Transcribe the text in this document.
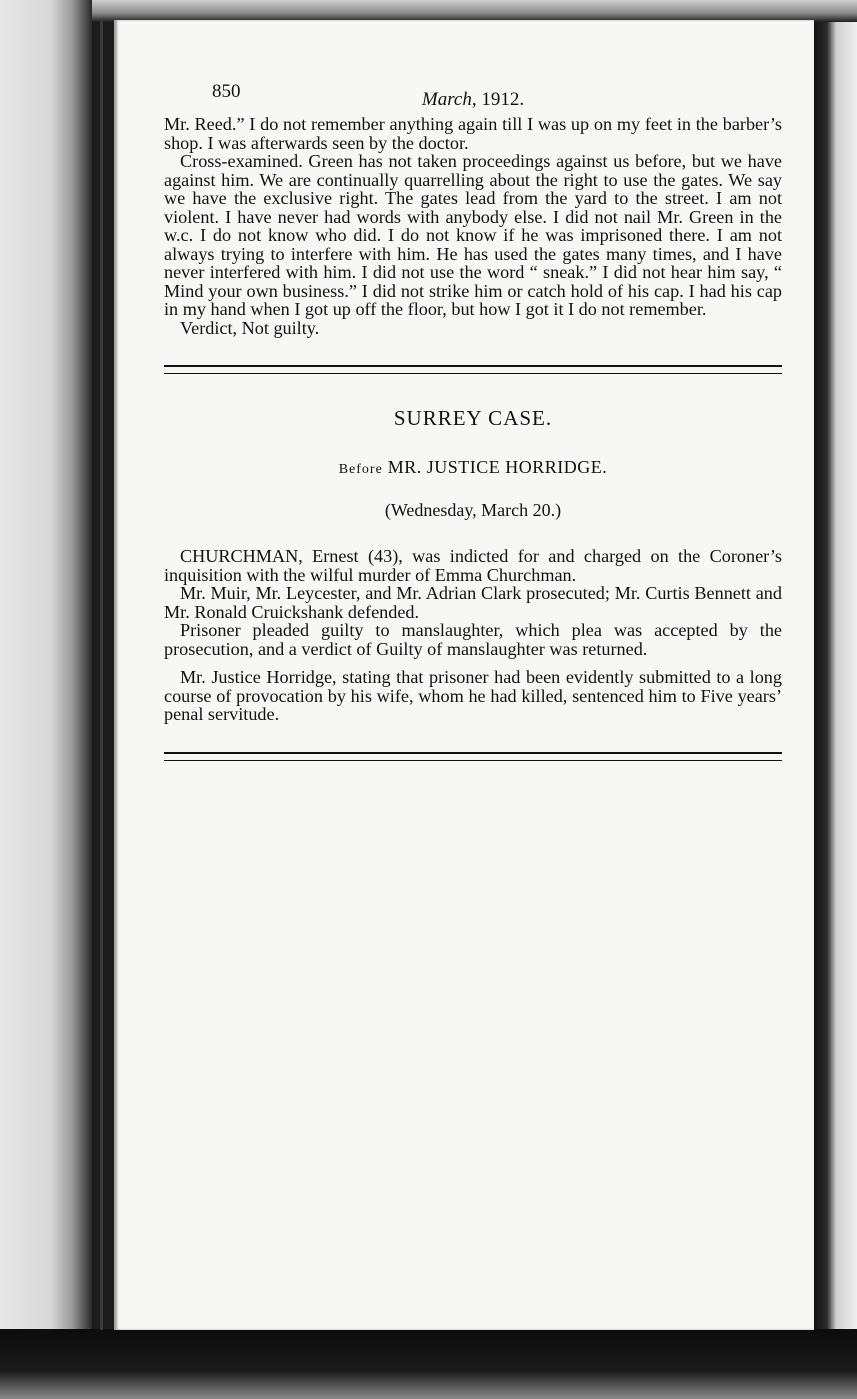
850	March, 1912.

Mr. Reed.” I do not remember anything again till I was up on my feet in the barber’s shop. I was afterwards seen by the doctor.

Cross-examined. Green has not taken proceedings against us before, but we have against him. We are continually quarrelling about the right to use the gates. We say we have the exclusive right. The gates lead from the yard to the street. I am not violent. I have never had words with anybody else. I did not nail Mr. Green in the w.c. I do not know who did. I do not know if he was imprisoned there. I am not always trying to interfere with him. He has used the gates many times, and I have never interfered with him. I did not use the word “ sneak.” I did not hear him say, “ Mind your own business.” I did not strike him or catch hold of his cap. I had his cap in my hand when I got up off the floor, but how I got it I do not remember.

Verdict, Not guilty.

SURREY CASE.
Before MR. JUSTICE HORRIDGE.
(Wednesday, March 20.)

CHURCHMAN, Ernest (43), was indicted for and charged on the Coroner’s inquisition with the wilful murder of Emma Churchman.

Mr. Muir, Mr. Leycester, and Mr. Adrian Clark prosecuted; Mr. Curtis Bennett and Mr. Ronald Cruickshank defended.

Prisoner pleaded guilty to manslaughter, which plea was accepted by the prosecution, and a verdict of Guilty of manslaughter was returned.

Mr. Justice Horridge, stating that prisoner had been evidently submitted to a long course of provocation by his wife, whom he had killed, sentenced him to Five years’ penal servitude.
